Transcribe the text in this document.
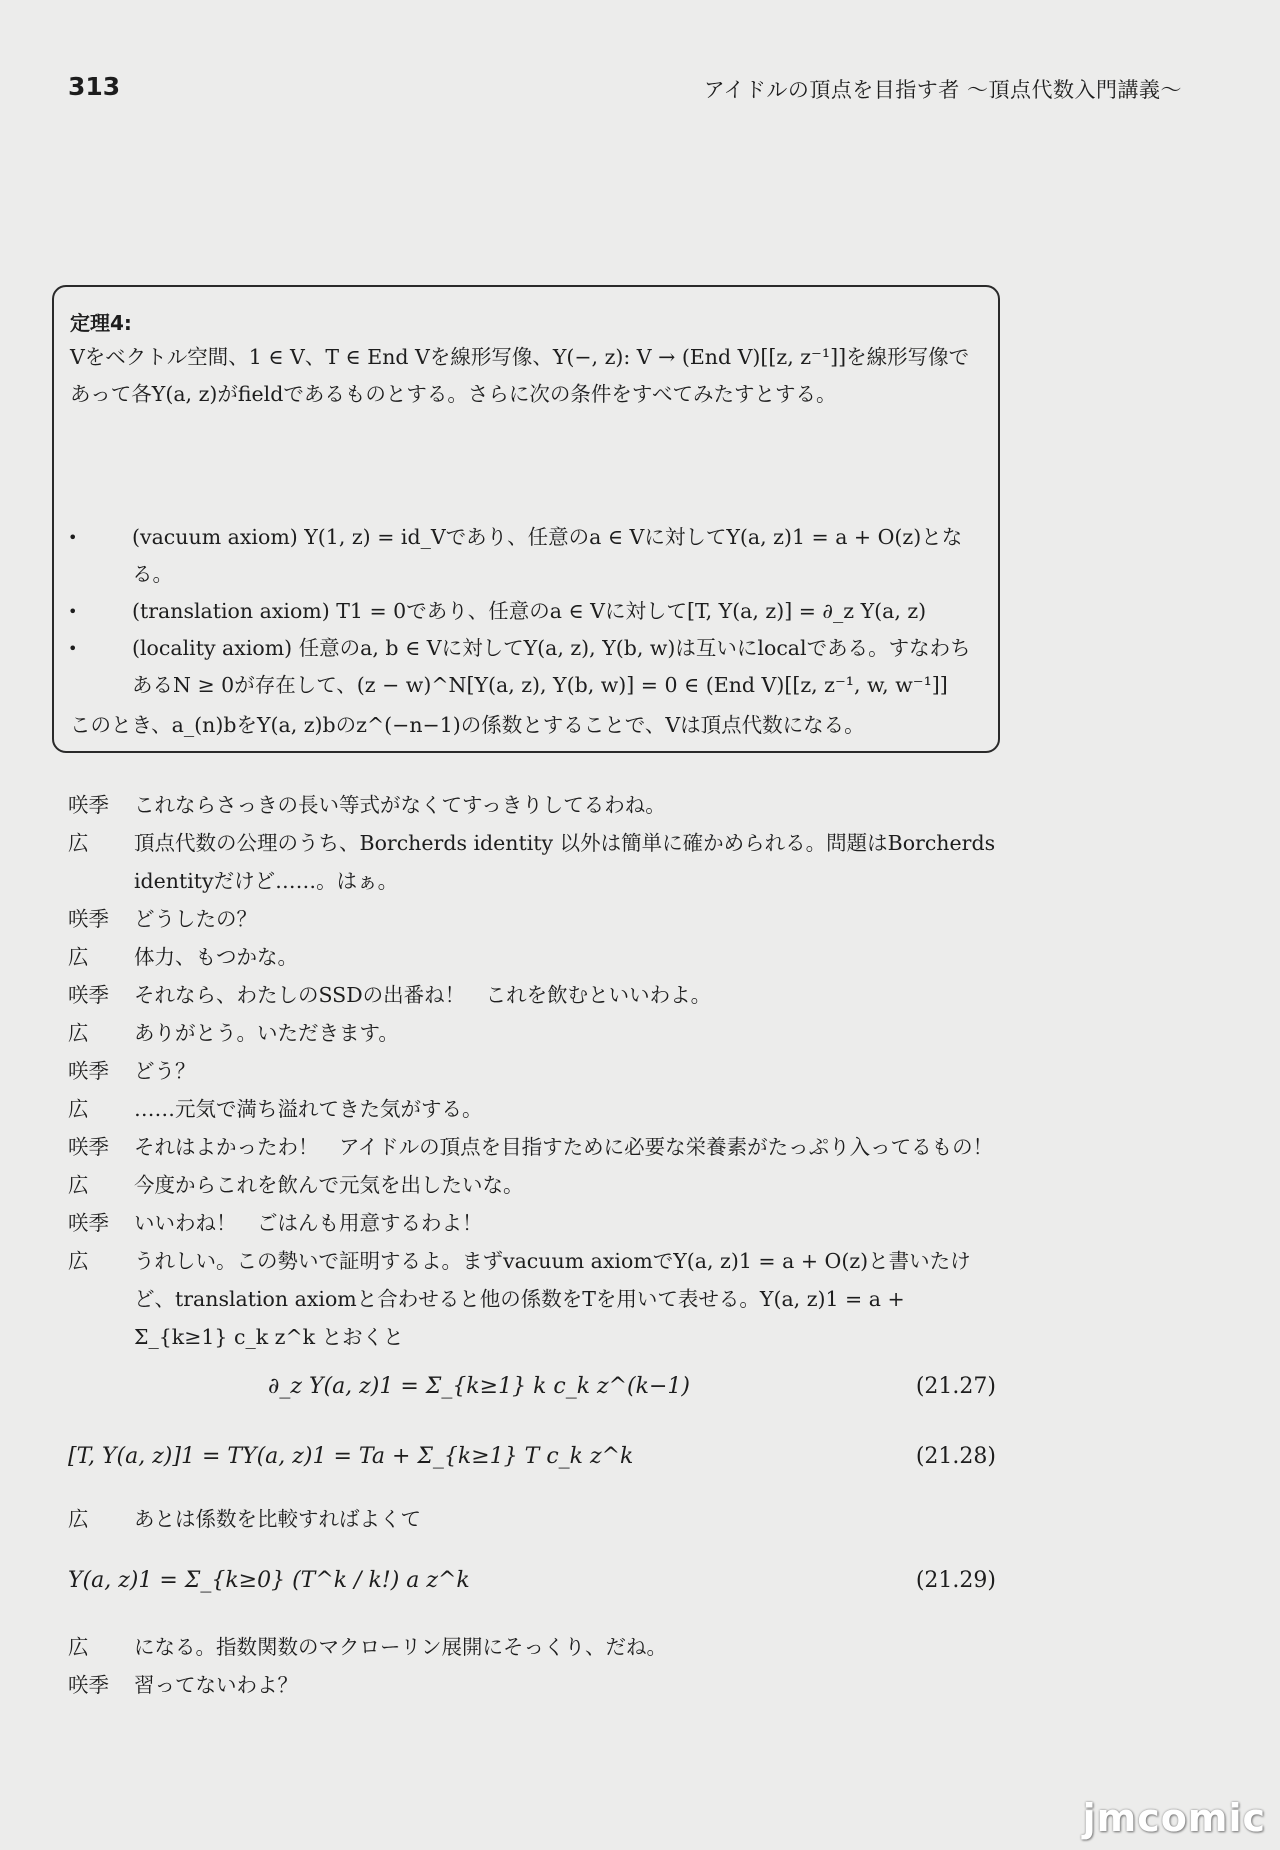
313	アイドルの頂点を目指す者 〜頂点代数入門講義〜
定理4:
Vをベクトル空間、1 ∈ V、T ∈ End Vを線形写像、Y(−, z): V → (End V)[[z, z⁻¹]]を線形写像であって各Y(a, z)がfieldであるものとする。さらに次の条件をすべてみたすとする。
• (vacuum axiom) Y(1, z) = id_Vであり、任意のa ∈ Vに対してY(a, z)1 = a + O(z)となる。
• (translation axiom) T1 = 0であり、任意のa ∈ Vに対して[T, Y(a, z)] = ∂_z Y(a, z)
• (locality axiom) 任意のa, b ∈ Vに対してY(a, z), Y(b, w)は互いにlocalである。すなわちあるN ≥ 0が存在して、(z − w)^N[Y(a, z), Y(b, w)] = 0 ∈ (End V)[[z, z⁻¹, w, w⁻¹]]
このとき、a_(n)bをY(a, z)bのz^(−n−1)の係数とすることで、Vは頂点代数になる。
咲季	これならさっきの長い等式がなくてすっきりしてるわね。
広	頂点代数の公理のうち、Borcherds identity 以外は簡単に確かめられる。問題はBorcherds identityだけど……。はぁ。
咲季	どうしたの？
広	体力、もつかな。
咲季	それなら、わたしのSSDの出番ね！　これを飲むといいわよ。
広	ありがとう。いただきます。
咲季	どう？
広	……元気で満ち溢れてきた気がする。
咲季	それはよかったわ！　アイドルの頂点を目指すために必要な栄養素がたっぷり入ってるもの！
広	今度からこれを飲んで元気を出したいな。
咲季	いいわね！　ごはんも用意するわよ！
広	うれしい。この勢いで証明するよ。まずvacuum axiomでY(a, z)1 = a + O(z)と書いたけど、translation axiomと合わせると他の係数をTを用いて表せる。Y(a, z)1 = a + Σ_{k≥1} c_k z^k とおくと
∂_z Y(a, z)1 = Σ_{k≥1} k c_k z^(k−1)	(21.27)
[T, Y(a, z)]1 = TY(a, z)1 = Ta + Σ_{k≥1} T c_k z^k	(21.28)
広	あとは係数を比較すればよくて
Y(a, z)1 = Σ_{k≥0} (T^k / k!) a z^k	(21.29)
広	になる。指数関数のマクローリン展開にそっくり、だね。
咲季	習ってないわよ？
jmcomic
